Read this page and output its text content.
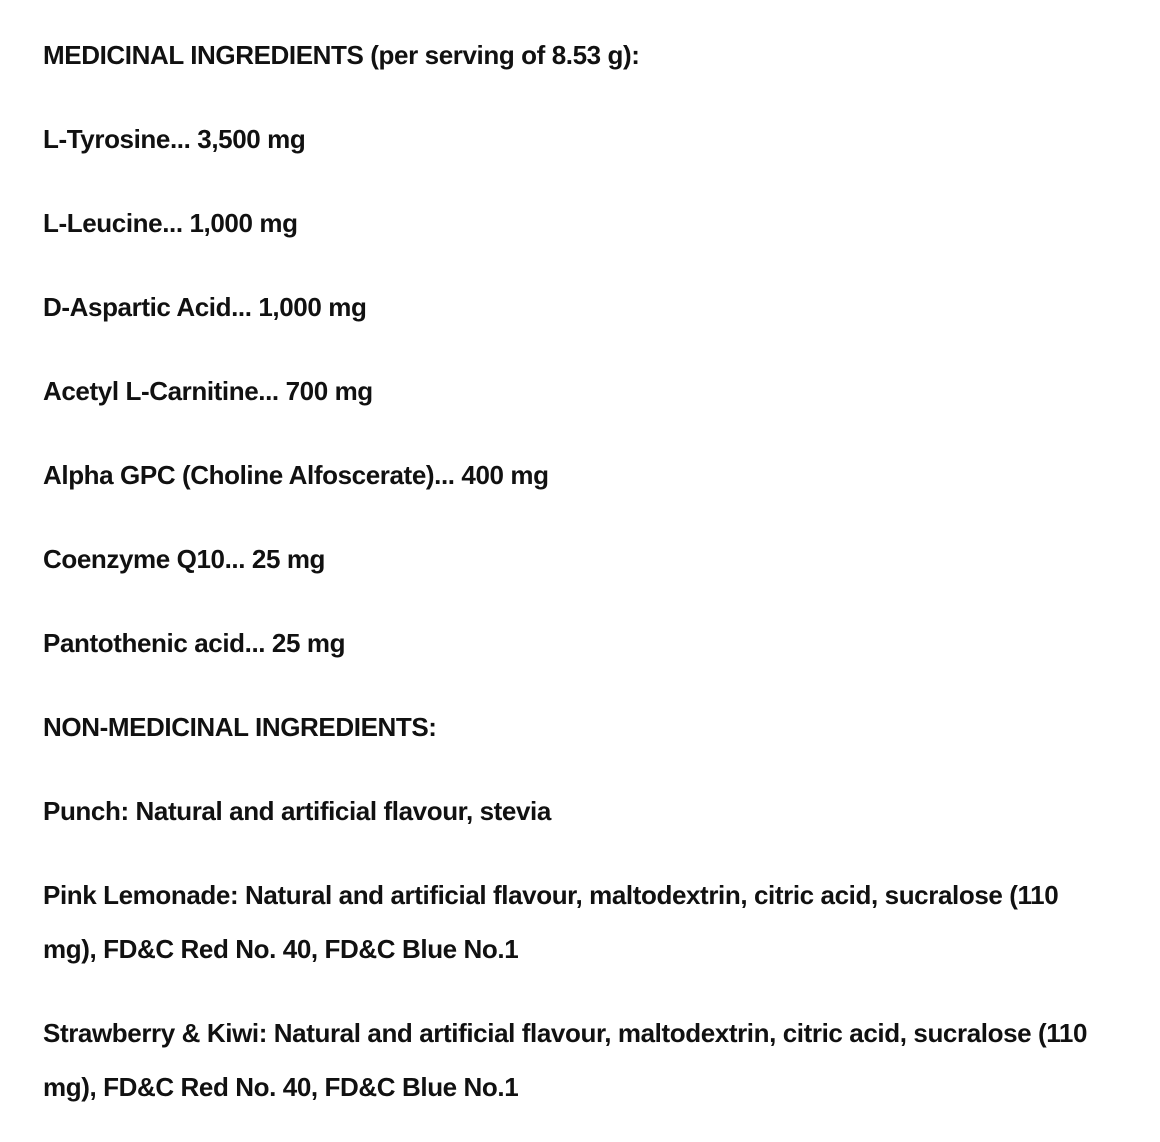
MEDICINAL INGREDIENTS (per serving of 8.53 g):
L-Tyrosine... 3,500 mg
L-Leucine... 1,000 mg
D-Aspartic Acid... 1,000 mg
Acetyl L-Carnitine... 700 mg
Alpha GPC (Choline Alfoscerate)... 400 mg
Coenzyme Q10... 25 mg
Pantothenic acid... 25 mg
NON-MEDICINAL INGREDIENTS:
Punch: Natural and artificial flavour, stevia
Pink Lemonade: Natural and artificial flavour, maltodextrin, citric acid, sucralose (110 mg), FD&C Red No. 40, FD&C Blue No.1
Strawberry & Kiwi: Natural and artificial flavour, maltodextrin, citric acid, sucralose (110 mg), FD&C Red No. 40, FD&C Blue No.1
